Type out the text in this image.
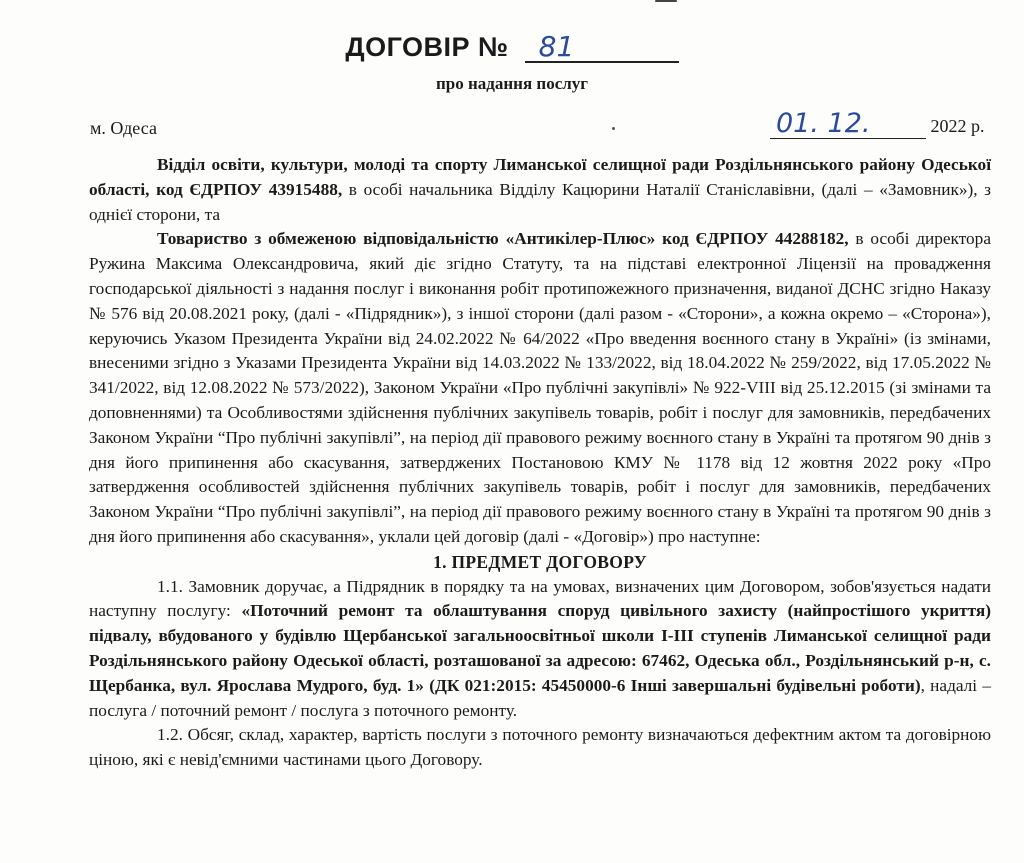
ДОГОВІР № 81
про надання послуг
м. Одеса	01. 12.	2022 р.

Відділ освіти, культури, молоді та спорту Лиманської селищної ради Роздільнянського району Одеської області, код ЄДРПОУ 43915488, в особі начальника Відділу Кацюрини Наталії Станіславівни, (далі – «Замовник»), з однієї сторони, та

Товариство з обмеженою відповідальністю «Антикілер-Плюс» код ЄДРПОУ 44288182, в особі директора Ружина Максима Олександровича, який діє згідно Статуту, та на підставі електронної Ліцензії на провадження господарської діяльності з надання послуг і виконання робіт протипожежного призначення, виданої ДСНС згідно Наказу № 576 від 20.08.2021 року, (далі - «Підрядник»), з іншої сторони (далі разом - «Сторони», а кожна окремо – «Сторона»), керуючись Указом Президента України від 24.02.2022 № 64/2022 «Про введення воєнного стану в Україні» (із змінами, внесеними згідно з Указами Президента України від 14.03.2022 № 133/2022, від 18.04.2022 № 259/2022, від 17.05.2022 № 341/2022, від 12.08.2022 № 573/2022), Законом України «Про публічні закупівлі» № 922-VIII від 25.12.2015 (зі змінами та доповненнями) та Особливостями здійснення публічних закупівель товарів, робіт і послуг для замовників, передбачених Законом України “Про публічні закупівлі”, на період дії правового режиму воєнного стану в Україні та протягом 90 днів з дня його припинення або скасування, затверджених Постановою КМУ № 1178 від 12 жовтня 2022 року «Про затвердження особливостей здійснення публічних закупівель товарів, робіт і послуг для замовників, передбачених Законом України “Про публічні закупівлі”, на період дії правового режиму воєнного стану в Україні та протягом 90 днів з дня його припинення або скасування», уклали цей договір (далі - «Договір») про наступне:

1. ПРЕДМЕТ ДОГОВОРУ

1.1. Замовник доручає, а Підрядник в порядку та на умовах, визначених цим Договором, зобов'язується надати наступну послугу: «Поточний ремонт та облаштування споруд цивільного захисту (найпростішого укриття) підвалу, вбудованого у будівлю Щербанської загальноосвітньої школи І-ІІІ ступенів Лиманської селищної ради Роздільнянського району Одеської області, розташованої за адресою: 67462, Одеська обл., Роздільнянський р-н, с. Щербанка, вул. Ярослава Мудрого, буд. 1» (ДК 021:2015: 45450000-6 Інші завершальні будівельні роботи), надалі – послуга / поточний ремонт / послуга з поточного ремонту.

1.2. Обсяг, склад, характер, вартість послуги з поточного ремонту визначаються дефектним актом та договірною ціною, які є невід'ємними частинами цього Договору.
